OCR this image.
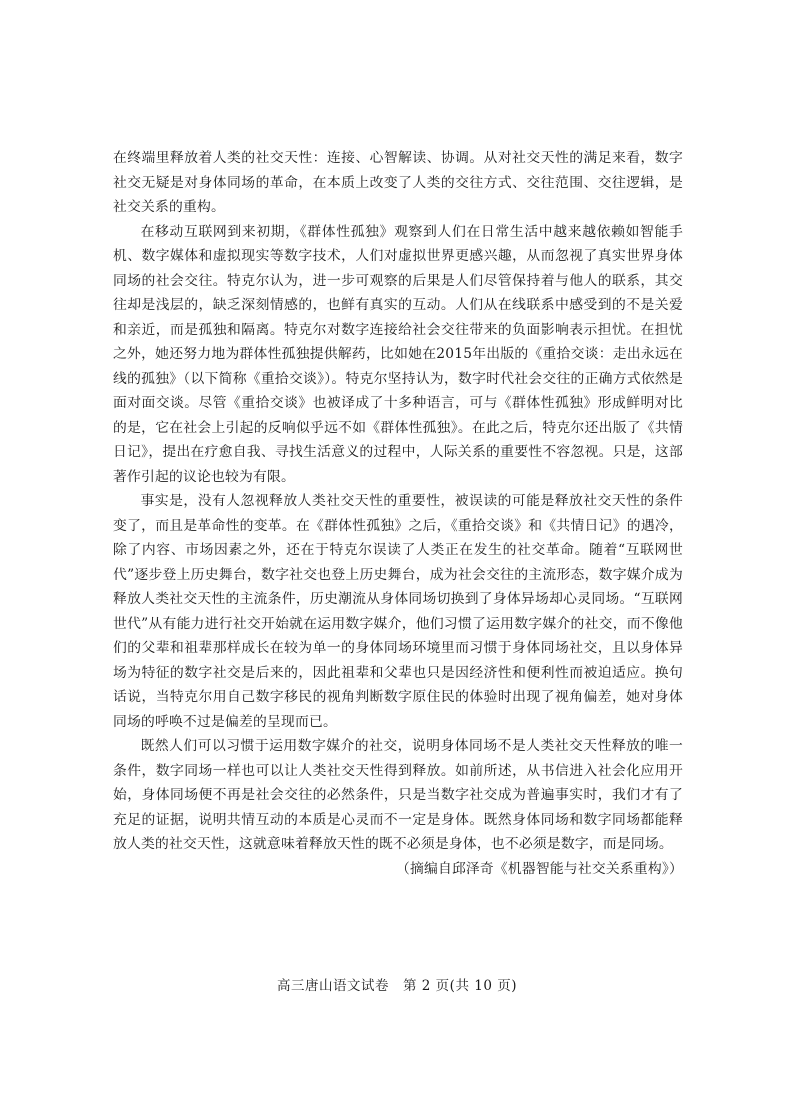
在终端里释放着人类的社交天性：连接、心智解读、协调。从对社交天性的满足来看，数字社交无疑是对身体同场的革命，在本质上改变了人类的交往方式、交往范围、交往逻辑，是社交关系的重构。

在移动互联网到来初期，《群体性孤独》观察到人们在日常生活中越来越依赖如智能手机、数字媒体和虚拟现实等数字技术，人们对虚拟世界更感兴趣，从而忽视了真实世界身体同场的社会交往。特克尔认为，进一步可观察的后果是人们尽管保持着与他人的联系，其交往却是浅层的，缺乏深刻情感的，也鲜有真实的互动。人们从在线联系中感受到的不是关爱和亲近，而是孤独和隔离。特克尔对数字连接给社会交往带来的负面影响表示担忧。在担忧之外，她还努力地为群体性孤独提供解药，比如她在2015年出版的《重拾交谈：走出永远在线的孤独》（以下简称《重拾交谈》）。特克尔坚持认为，数字时代社会交往的正确方式依然是面对面交谈。尽管《重拾交谈》也被译成了十多种语言，可与《群体性孤独》形成鲜明对比的是，它在社会上引起的反响似乎远不如《群体性孤独》。在此之后，特克尔还出版了《共情日记》，提出在疗愈自我、寻找生活意义的过程中，人际关系的重要性不容忽视。只是，这部著作引起的议论也较为有限。

事实是，没有人忽视释放人类社交天性的重要性，被误读的可能是释放社交天性的条件变了，而且是革命性的变革。在《群体性孤独》之后，《重拾交谈》和《共情日记》的遇冷，除了内容、市场因素之外，还在于特克尔误读了人类正在发生的社交革命。随着“互联网世代”逐步登上历史舞台，数字社交也登上历史舞台，成为社会交往的主流形态，数字媒介成为释放人类社交天性的主流条件，历史潮流从身体同场切换到了身体异场却心灵同场。“互联网世代”从有能力进行社交开始就在运用数字媒介，他们习惯了运用数字媒介的社交，而不像他们的父辈和祖辈那样成长在较为单一的身体同场环境里而习惯于身体同场社交，且以身体异场为特征的数字社交是后来的，因此祖辈和父辈也只是因经济性和便利性而被迫适应。换句话说，当特克尔用自己数字移民的视角判断数字原住民的体验时出现了视角偏差，她对身体同场的呼唤不过是偏差的呈现而已。

既然人们可以习惯于运用数字媒介的社交，说明身体同场不是人类社交天性释放的唯一条件，数字同场一样也可以让人类社交天性得到释放。如前所述，从书信进入社会化应用开始，身体同场便不再是社会交往的必然条件，只是当数字社交成为普遍事实时，我们才有了充足的证据，说明共情互动的本质是心灵而不一定是身体。既然身体同场和数字同场都能释放人类的社交天性，这就意味着释放天性的既不必须是身体，也不必须是数字，而是同场。

（摘编自邱泽奇《机器智能与社交关系重构》）

高三唐山语文试卷　第 2 页(共 10 页)
